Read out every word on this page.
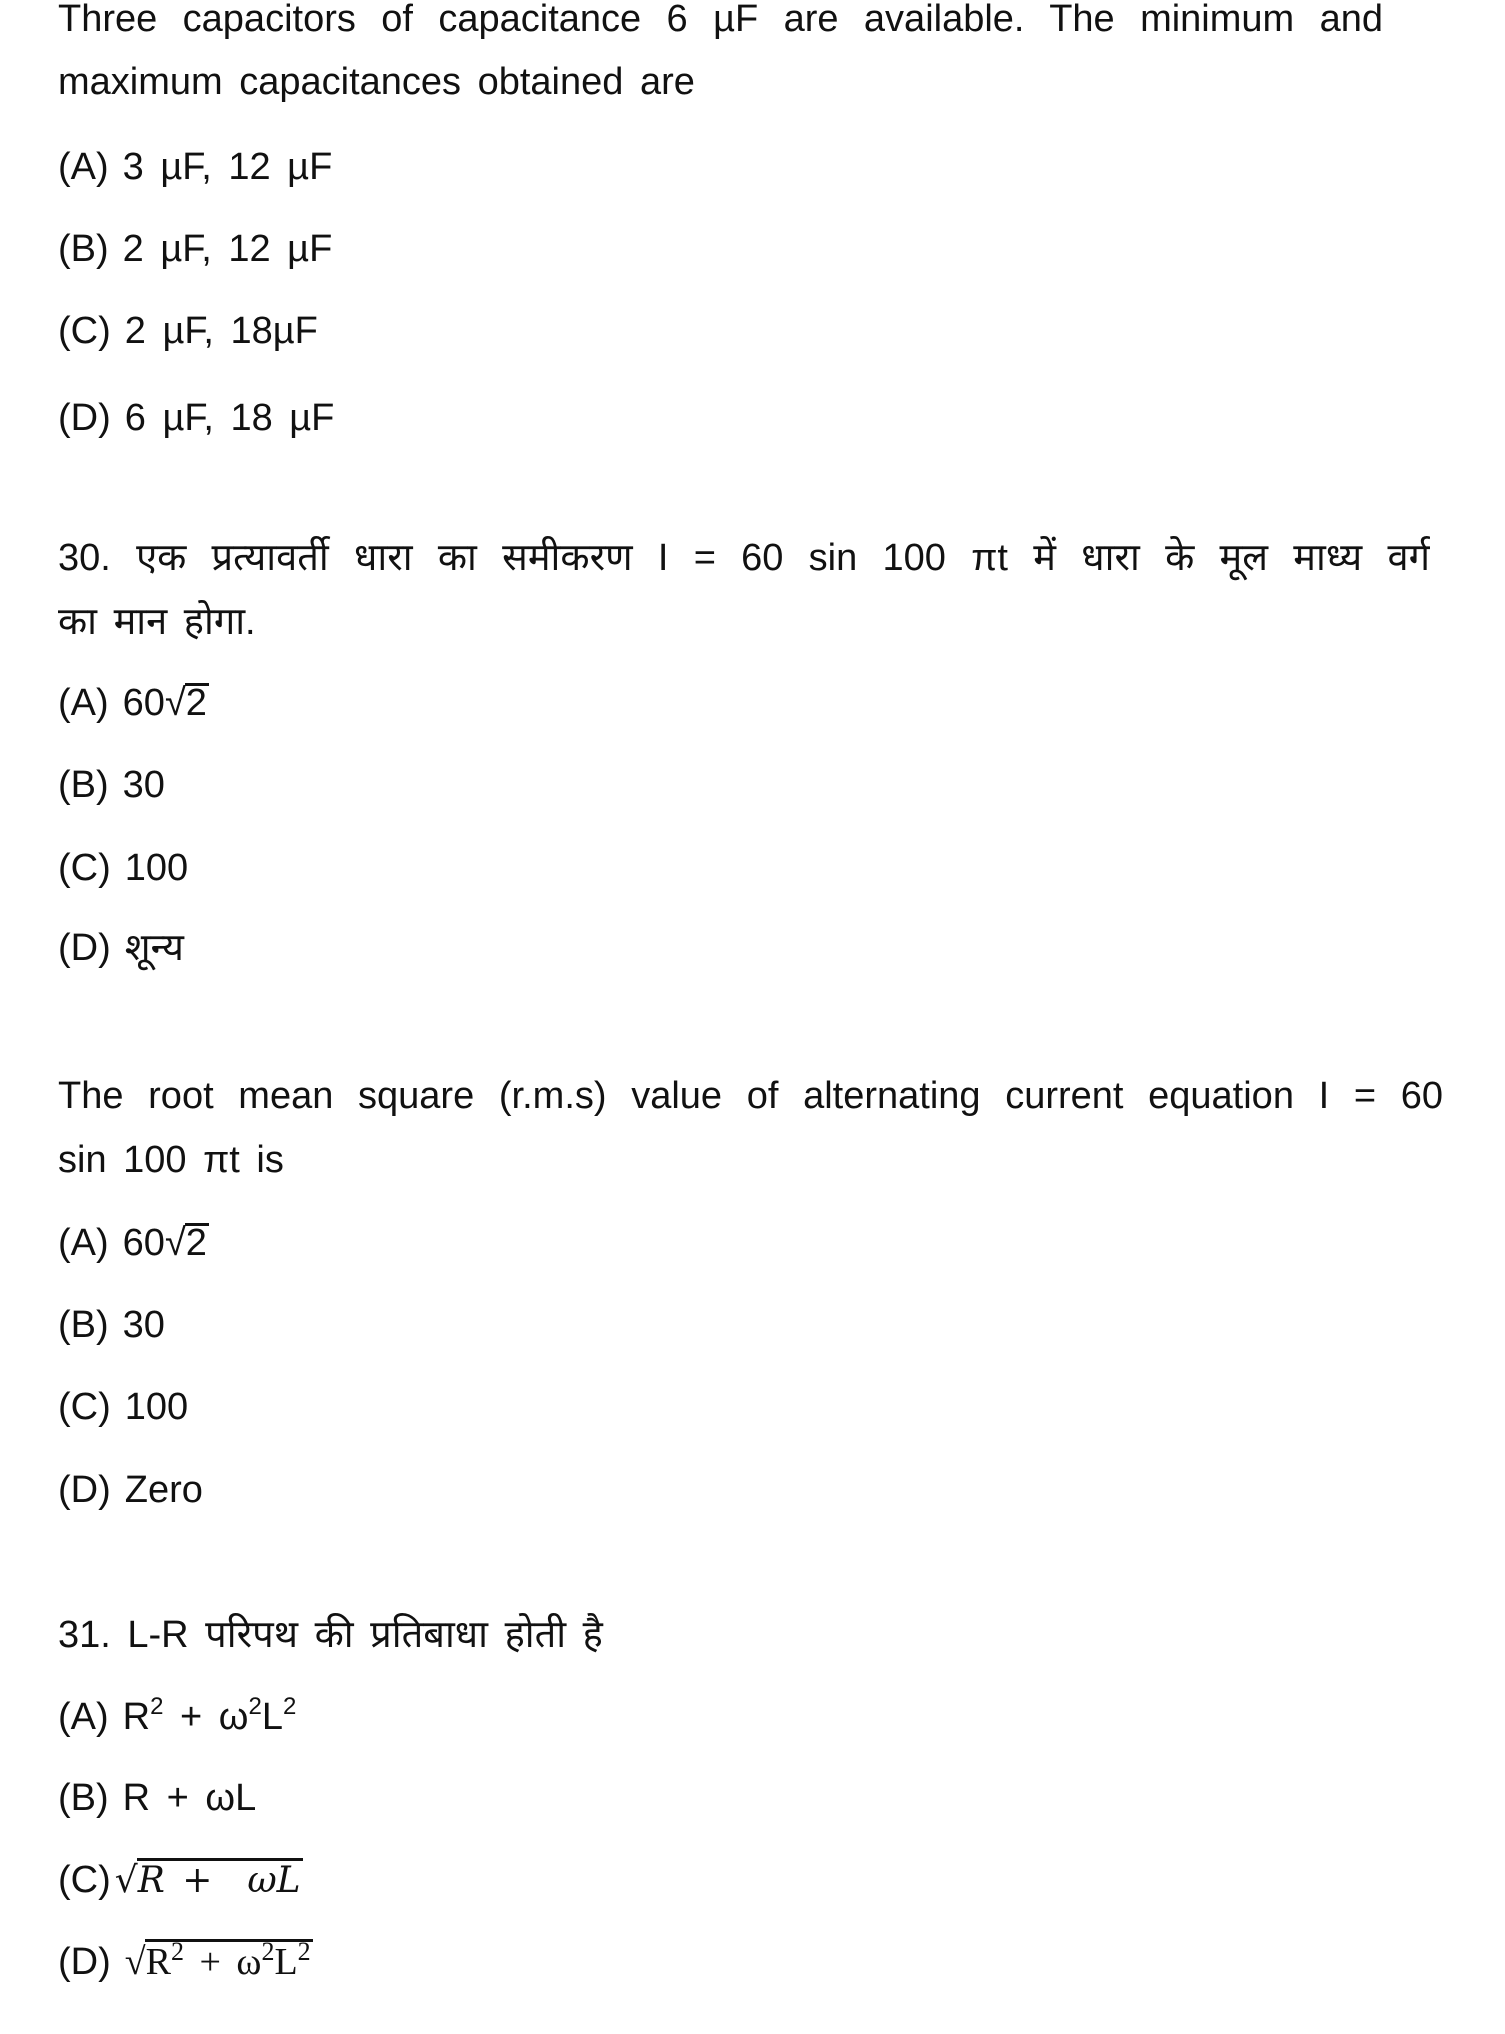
Three capacitors of capacitance 6 µF are available. The minimum and
maximum capacitances obtained are
(A) 3 µF, 12 µF
(B) 2 µF, 12 µF
(C) 2 µF, 18µF
(D) 6 µF, 18 µF
30. एक प्रत्यावर्ती धारा का समीकरण I = 60 sin 100 πt में धारा के मूल माध्य वर्ग
का मान होगा.
(A) 60√2
(B) 30
(C) 100
(D) शून्य
The root mean square (r.m.s) value of alternating current equation I = 60
sin 100 πt is
(A) 60√2
(B) 30
(C) 100
(D) Zero
31. L-R परिपथ की प्रतिबाधा होती है
(A) $R^2 + \omega^2L^2$
(B) R + ωL
(C) √R +  ωL
(D) $√R^2 + \omega^2L^2$
